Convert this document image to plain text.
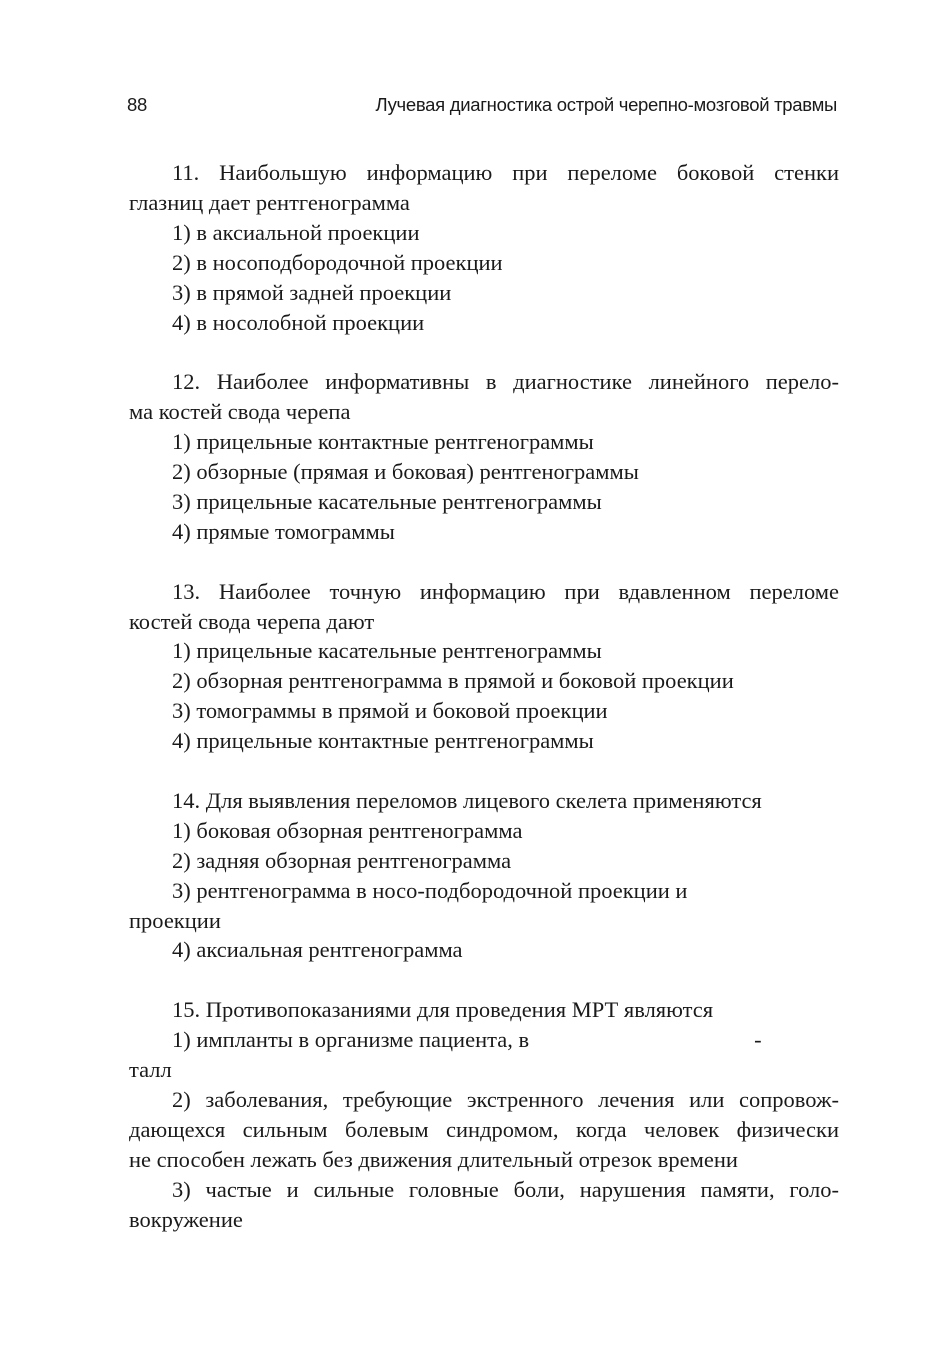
88	Лучевая диагностика острой черепно-мозговой травмы
11. Наибольшую информацию при переломе боковой стенки
глазниц дает рентгенограмма
1) в аксиальной проекции
2) в носоподбородочной проекции
3) в прямой задней проекции
4) в носолобной проекции
12. Наиболее информативны в диагностике линейного перело-
ма костей свода черепа
1) прицельные контактные рентгенограммы
2) обзорные (прямая и боковая) рентгенограммы
3) прицельные касательные рентгенограммы
4) прямые томограммы
13. Наиболее точную информацию при вдавленном переломе
костей свода черепа дают
1) прицельные касательные рентгенограммы
2) обзорная рентгенограмма в прямой и боковой проекции
3) томограммы в прямой и боковой проекции
4) прицельные контактные рентгенограммы
14. Для выявления переломов лицевого скелета применяются
1) боковая обзорная рентгенограмма
2) задняя обзорная рентгенограмма
3) рентгенограмма в носо-подбородочной проекции и
проекции
4) аксиальная рентгенограмма
15. Противопоказаниями для проведения МРТ являются
1) импланты в организме пациента, в                                        -
талл
2) заболевания, требующие экстренного лечения или сопровож-
дающехся сильным болевым синдромом, когда человек физически
не способен лежать без движения длительный отрезок времени
3) частые и сильные головные боли, нарушения памяти, голо-
вокружение
